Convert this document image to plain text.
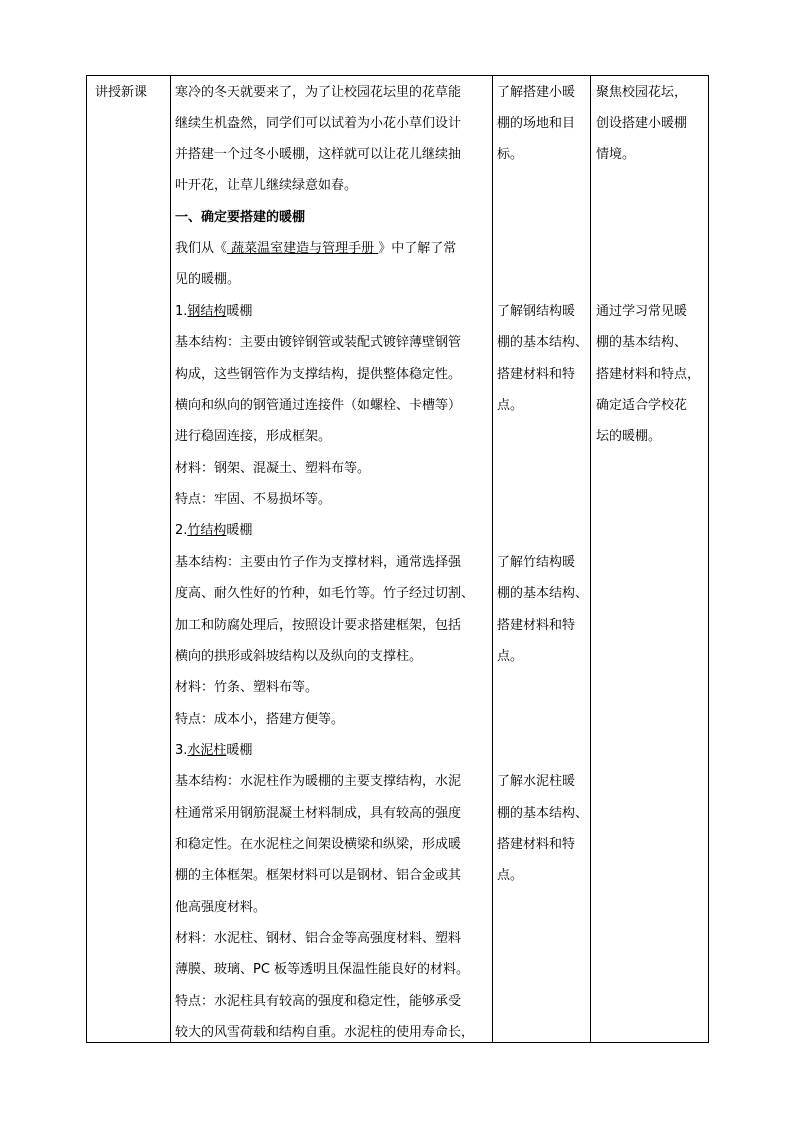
讲授新课 寒冷的冬天就要来了，为了让校园花坛里的花草能
继续生机盎然，同学们可以试着为小花小草们设计
并搭建一个过冬小暖棚，这样就可以让花儿继续抽
叶开花，让草儿继续绿意如春。
一、确定要搭建的暖棚
我们从《 蔬菜温室建造与管理手册 》中了解了常
见的暖棚。
1.钢结构暖棚
基本结构：主要由镀锌钢管或装配式镀锌薄壁钢管
构成，这些钢管作为支撑结构，提供整体稳定性。
横向和纵向的钢管通过连接件（如螺栓、卡槽等）
进行稳固连接，形成框架。
材料：钢架、混凝土、塑料布等。
特点：牢固、不易损坏等。
2.竹结构暖棚
基本结构：主要由竹子作为支撑材料，通常选择强
度高、耐久性好的竹种，如毛竹等。竹子经过切割、
加工和防腐处理后，按照设计要求搭建框架，包括
横向的拱形或斜坡结构以及纵向的支撑柱。
材料：竹条、塑料布等。
特点：成本小，搭建方便等。
3.水泥柱暖棚
基本结构：水泥柱作为暖棚的主要支撑结构，水泥
柱通常采用钢筋混凝土材料制成，具有较高的强度
和稳定性。在水泥柱之间架设横梁和纵梁，形成暖
棚的主体框架。框架材料可以是钢材、铝合金或其
他高强度材料。
材料：水泥柱、钢材、铝合金等高强度材料、塑料
薄膜、玻璃、PC 板等透明且保温性能良好的材料。
特点：水泥柱具有较高的强度和稳定性，能够承受
较大的风雪荷载和结构自重。水泥柱的使用寿命长，
了解搭建小暖
棚的场地和目
标。
了解钢结构暖
棚的基本结构、
搭建材料和特
点。
了解竹结构暖
棚的基本结构、
搭建材料和特
点。
了解水泥柱暖
棚的基本结构、
搭建材料和特
点。
聚焦校园花坛，
创设搭建小暖棚
情境。
通过学习常见暖
棚的基本结构、
搭建材料和特点，
确定适合学校花
坛的暖棚。
